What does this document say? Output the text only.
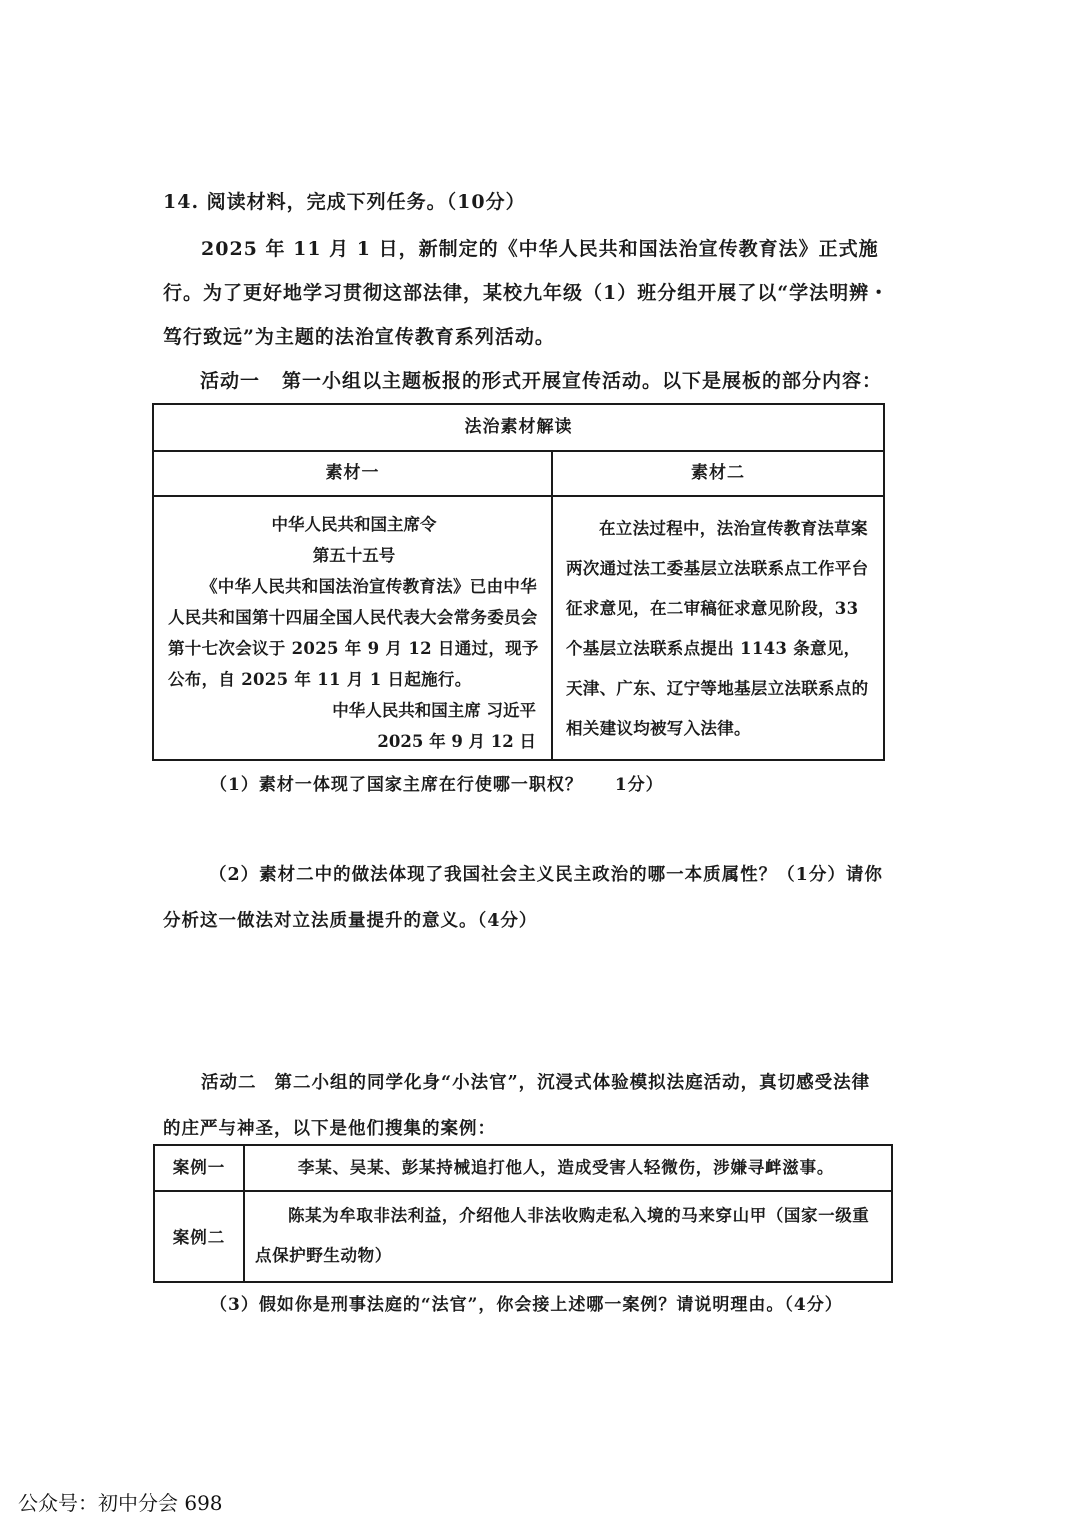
14. 阅读材料，完成下列任务。（10分）
2025 年 11 月 1 日，新制定的《中华人民共和国法治宣传教育法》正式施行。为了更好地学习贯彻这部法律，某校九年级（1）班分组开展了以“学法明辨・笃行致远”为主题的法治宣传教育系列活动。
活动一 第一小组以主题板报的形式开展宣传活动。以下是展板的部分内容：
法治素材解读
素材一	素材二
中华人民共和国主席令
第五十五号
《中华人民共和国法治宣传教育法》已由中华人民共和国第十四届全国人民代表大会常务委员会第十七次会议于 2025 年 9 月 12 日通过，现予公布，自 2025 年 11 月 1 日起施行。
中华人民共和国主席 习近平
2025 年 9 月 12 日
在立法过程中，法治宣传教育法草案两次通过法工委基层立法联系点工作平台征求意见，在二审稿征求意见阶段，33 个基层立法联系点提出 1143 条意见，天津、广东、辽宁等地基层立法联系点的相关建议均被写入法律。
（1）素材一体现了国家主席在行使哪一职权？ 1分）
（2）素材二中的做法体现了我国社会主义民主政治的哪一本质属性？（1分）请你分析这一做法对立法质量提升的意义。（4分）
活动二 第二小组的同学化身“小法官”，沉浸式体验模拟法庭活动，真切感受法律的庄严与神圣，以下是他们搜集的案例：
案例一	李某、吴某、彭某持械追打他人，造成受害人轻微伤，涉嫌寻衅滋事。
案例二
陈某为牟取非法利益，介绍他人非法收购走私入境的马来穿山甲（国家一级重点保护野生动物）
（3）假如你是刑事法庭的“法官”，你会接上述哪一案例？请说明理由。（4分）
公众号：初中分会 698
